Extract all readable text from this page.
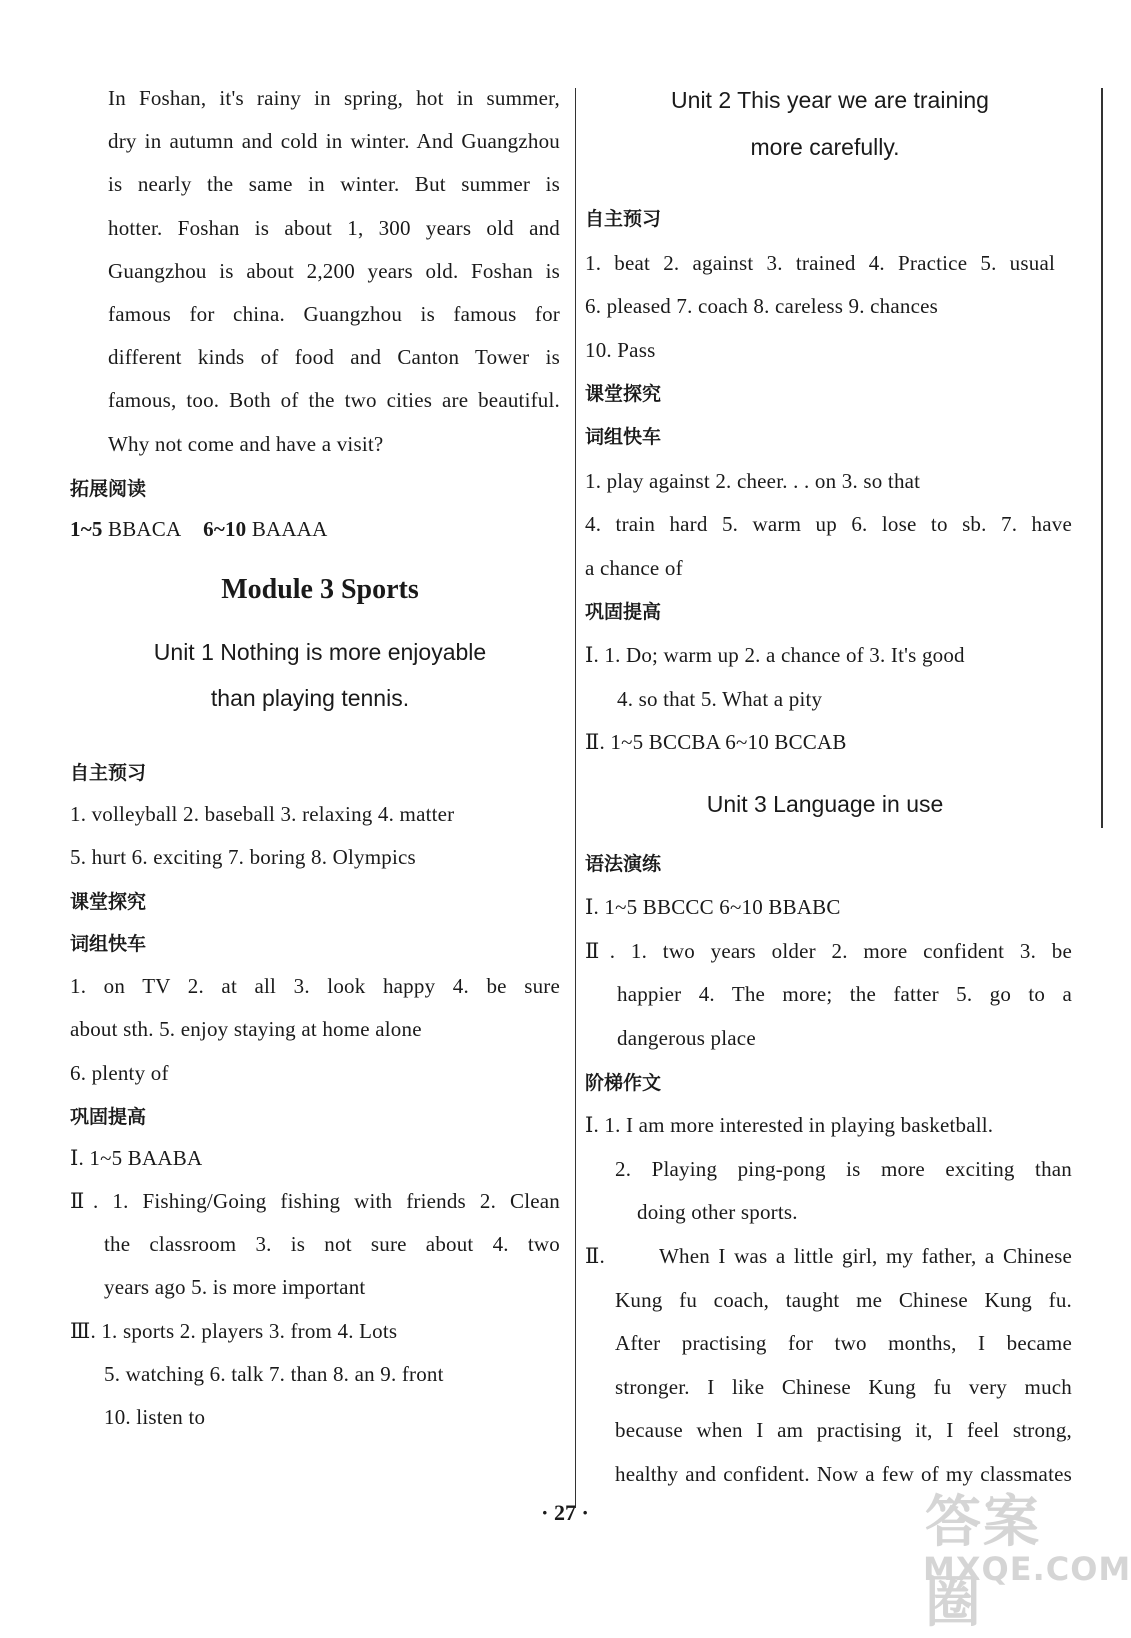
In Foshan, it's rainy in spring, hot in summer,
dry in autumn and cold in winter. And Guangzhou
is nearly the same in winter. But summer is
hotter. Foshan is about 1, 300 years old and
Guangzhou is about 2,200 years old. Foshan is
famous for china. Guangzhou is famous for
different kinds of food and Canton Tower is
famous, too. Both of the two cities are beautiful.
Why not come and have a visit?
拓展阅读
1~5 BBACA 6~10 BAAAA
Module 3 Sports
Unit 1 Nothing is more enjoyable
than playing tennis.
自主预习
1. volleyball 2. baseball 3. relaxing 4. matter
5. hurt 6. exciting 7. boring 8. Olympics
课堂探究
词组快车
1. on TV 2. at all 3. look happy 4. be sure
about sth. 5. enjoy staying at home alone
6. plenty of
巩固提高
Ⅰ. 1~5 BAABA
Ⅱ. 1. Fishing/Going fishing with friends 2. Clean
the classroom 3. is not sure about 4. two
years ago 5. is more important
Ⅲ. 1. sports 2. players 3. from 4. Lots
5. watching 6. talk 7. than 8. an 9. front
10. listen to
Unit 2 This year we are training
more carefully.
自主预习
1. beat 2. against 3. trained 4. Practice 5. usual
6. pleased 7. coach 8. careless 9. chances
10. Pass
课堂探究
词组快车
1. play against 2. cheer. . . on 3. so that
4. train hard 5. warm up 6. lose to sb. 7. have
a chance of
巩固提高
Ⅰ. 1. Do; warm up 2. a chance of 3. It's good
4. so that 5. What a pity
Ⅱ. 1~5 BCCBA 6~10 BCCAB
Unit 3 Language in use
语法演练
Ⅰ. 1~5 BBCCC 6~10 BBABC
Ⅱ. 1. two years older 2. more confident 3. be
happier 4. The more; the fatter 5. go to a
dangerous place
阶梯作文
Ⅰ. 1. I am more interested in playing basketball.
2. Playing ping-pong is more exciting than
doing other sports.
Ⅱ.	When I was a little girl, my father, a Chinese
Kung fu coach, taught me Chinese Kung fu.
After practising for two months, I became
stronger. I like Chinese Kung fu very much
because when I am practising it, I feel strong,
healthy and confident. Now a few of my classmates
· 27 ·	答案圈
MXQE.COM
